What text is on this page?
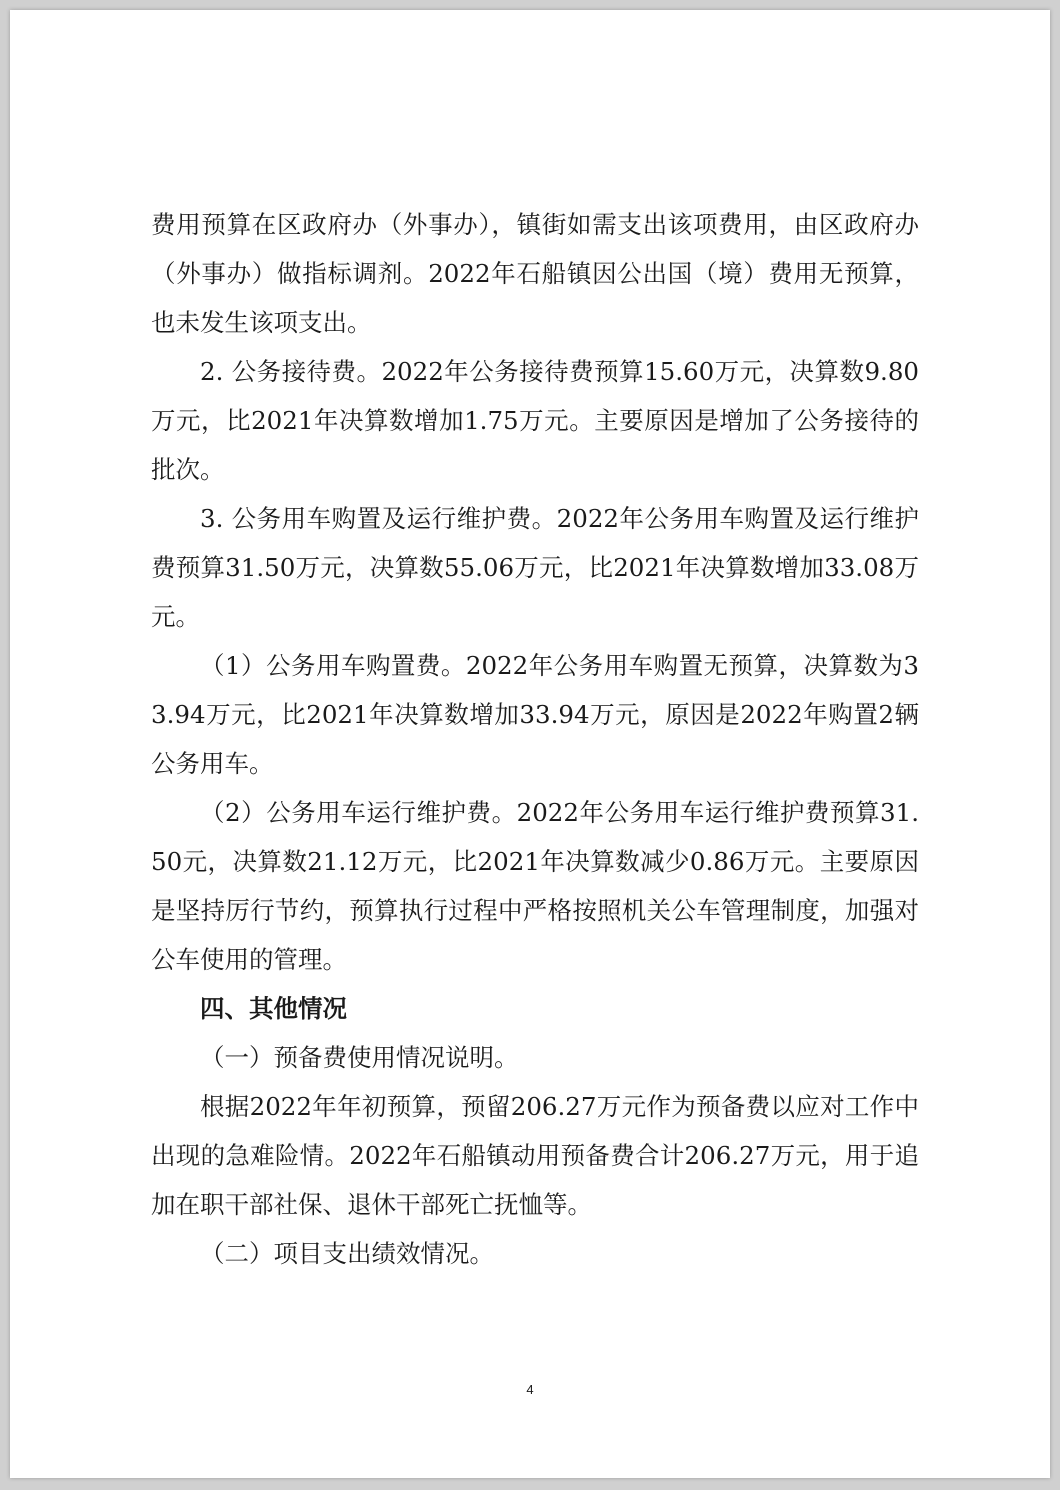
费用预算在区政府办（外事办），镇街如需支出该项费用，由区政府办（外事办）做指标调剂。2022年石船镇因公出国（境）费用无预算，也未发生该项支出。

2. 公务接待费。2022年公务接待费预算15.60万元，决算数9.80万元，比2021年决算数增加1.75万元。主要原因是增加了公务接待的批次。

3. 公务用车购置及运行维护费。2022年公务用车购置及运行维护费预算31.50万元，决算数55.06万元，比2021年决算数增加33.08万元。

（1）公务用车购置费。2022年公务用车购置无预算，决算数为33.94万元，比2021年决算数增加33.94万元，原因是2022年购置2辆公务用车。

（2）公务用车运行维护费。2022年公务用车运行维护费预算31.50元，决算数21.12万元，比2021年决算数减少0.86万元。主要原因是坚持厉行节约，预算执行过程中严格按照机关公车管理制度，加强对公车使用的管理。

四、其他情况

（一）预备费使用情况说明。

根据2022年年初预算，预留206.27万元作为预备费以应对工作中出现的急难险情。2022年石船镇动用预备费合计206.27万元，用于追加在职干部社保、退休干部死亡抚恤等。

（二）项目支出绩效情况。

4
